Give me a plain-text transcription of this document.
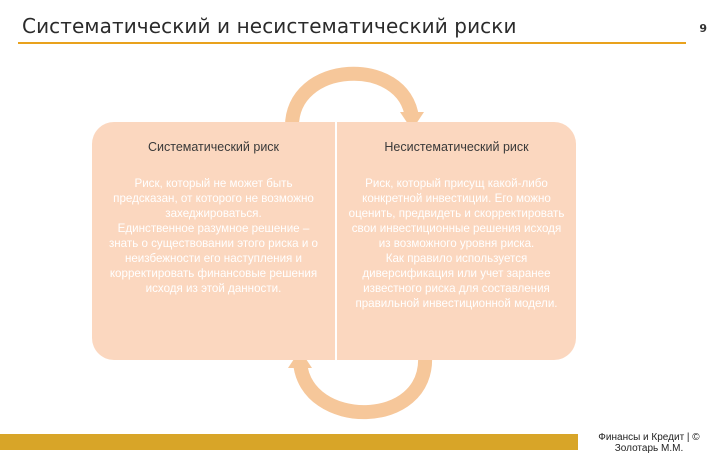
Систематический и несистематический риски	9
Систематический риск

Риск, который не может быть предсказан, от которого не возможно захеджироваться.

Единственное разумное решение – знать о существовании этого риска и о неизбежности его наступления и корректировать финансовые решения исходя из этой данности.

Несистематический риск

Риск, который присущ какой-либо конкретной инвестиции. Его можно оценить, предвидеть и скорректировать свои инвестиционные решения исходя из возможного уровня риска.

Как правило используется диверсификация или учет заранее известного риска для составления правильной инвестиционной модели.

Финансы и Кредит | © Золотарь М.М.
